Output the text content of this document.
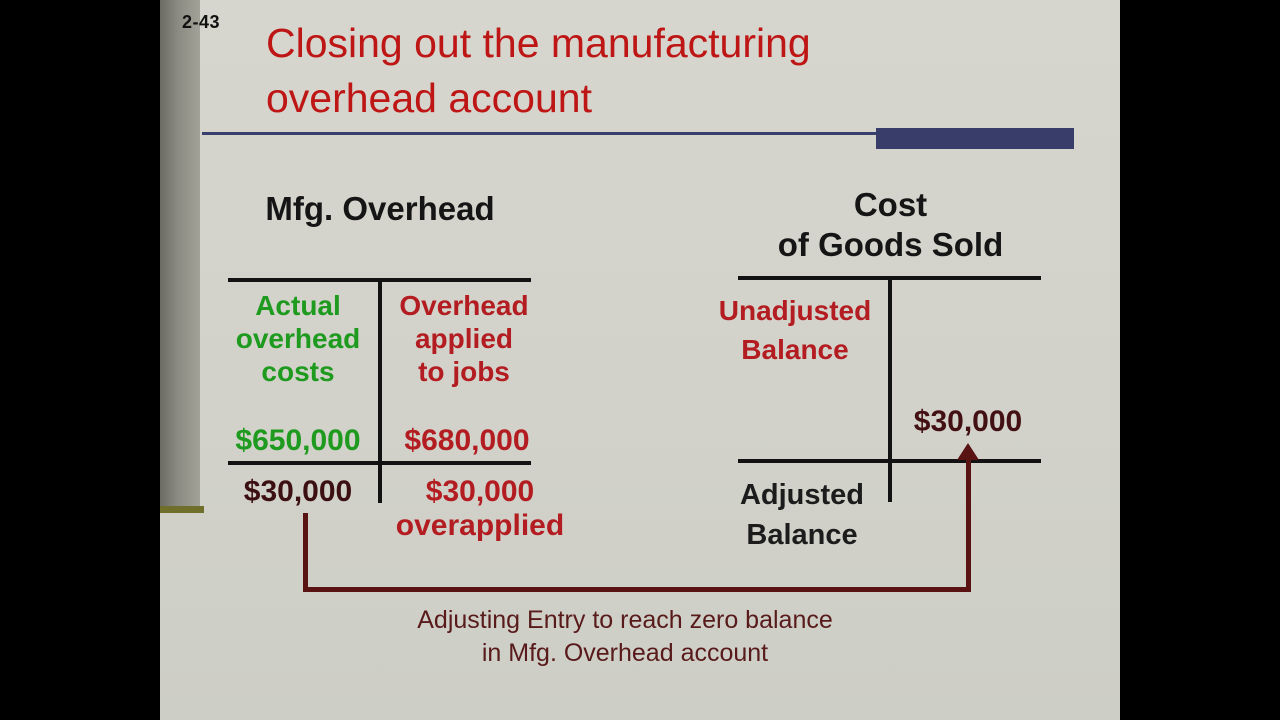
2-43 Closing out the manufacturing
overhead account
Mfg. Overhead
Actual
overhead
costs
Overhead
applied
to jobs
$650,000	$680,000
$30,000	$30,000
overapplied
Cost
of Goods Sold
Unadjusted
Balance
$30,000
Adjusted
Balance
Adjusting Entry to reach zero balance
in Mfg. Overhead account
